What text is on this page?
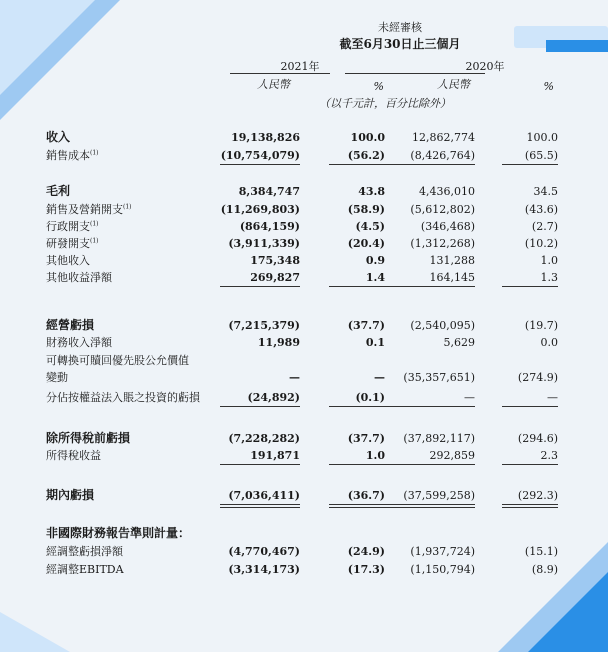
未經審核
截至6月30日止三個月
2021年	2020年
人民幣	%	人民幣	%
（以千元計，百分比除外）
收入	19,138,826	100.0	12,862,774	100.0
銷售成本$^{(1)}$	(10,754,079)	(56.2)	(8,426,764)	(65.5)
毛利	8,384,747	43.8	4,436,010	34.5
銷售及營銷開支$^{(1)}$	(11,269,803)	(58.9)	(5,612,802)	(43.6)
行政開支$^{(1)}$	(864,159)	(4.5)	(346,468)	(2.7)
研發開支$^{(1)}$	(3,911,339)	(20.4)	(1,312,268)	(10.2)
其他收入	175,348	0.9	131,288	1.0
其他收益淨額	269,827	1.4	164,145	1.3
經營虧損	(7,215,379)	(37.7)	(2,540,095)	(19.7)
財務收入淨額	11,989	0.1	5,629	0.0
可轉換可贖回優先股公允價值
變動	—	—	(35,357,651)	(274.9)
分佔按權益法入賬之投資的虧損	(24,892)	(0.1)	—	—
除所得稅前虧損	(7,228,282)	(37.7)	(37,892,117)	(294.6)
所得稅收益	191,871	1.0	292,859	2.3
期內虧損	(7,036,411)	(36.7)	(37,599,258)	(292.3)
非國際財務報告準則計量：
經調整虧損淨額	(4,770,467)	(24.9)	(1,937,724)	(15.1)
經調整EBITDA	(3,314,173)	(17.3)	(1,150,794)	(8.9)
